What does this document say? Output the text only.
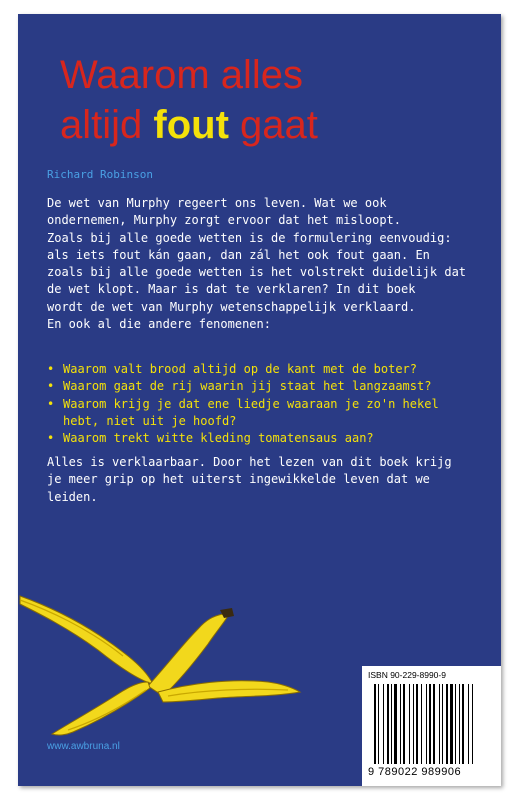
Waarom alles
altijd fout gaat
Richard Robinson
De wet van Murphy regeert ons leven. Wat we ook
ondernemen, Murphy zorgt ervoor dat het misloopt.
Zoals bij alle goede wetten is de formulering eenvoudig:
als iets fout kán gaan, dan zál het ook fout gaan. En
zoals bij alle goede wetten is het volstrekt duidelijk dat
de wet klopt. Maar is dat te verklaren? In dit boek
wordt de wet van Murphy wetenschappelijk verklaard.
En ook al die andere fenomenen:
• Waarom valt brood altijd op de kant met de boter?
• Waarom gaat de rij waarin jij staat het langzaamst?
• Waarom krijg je dat ene liedje waaraan je zo'n hekel
hebt, niet uit je hoofd?
• Waarom trekt witte kleding tomatensaus aan?
Alles is verklaarbaar. Door het lezen van dit boek krijg
je meer grip op het uiterst ingewikkelde leven dat we
leiden.
www.awbruna.nl
ISBN 90-229-8990-9
9 789022 989906
